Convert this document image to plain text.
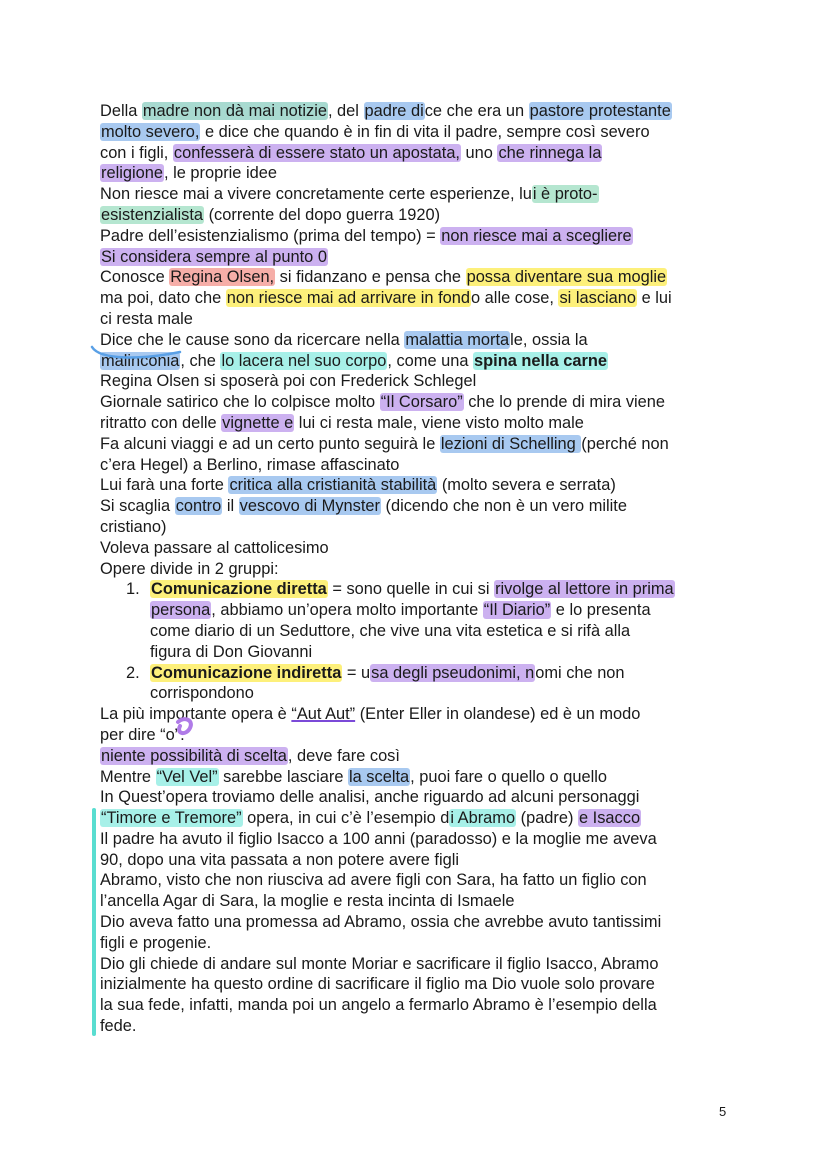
Della madre non dà mai notizie, del padre dice che era un pastore protestante
molto severo, e dice che quando è in fin di vita il padre, sempre così severo
con i figli, confesserà di essere stato un apostata, uno che rinnega la
religione, le proprie idee
Non riesce mai a vivere concretamente certe esperienze, lui è proto-
esistenzialista (corrente del dopo guerra 1920)
Padre dell’esistenzialismo (prima del tempo) = non riesce mai a scegliere
Si considera sempre al punto 0
Conosce Regina Olsen, si fidanzano e pensa che possa diventare sua moglie
ma poi, dato che non riesce mai ad arrivare in fondo alle cose, si lasciano e lui
ci resta male
Dice che le cause sono da ricercare nella malattia mortale, ossia la
malinconia, che lo lacera nel suo corpo, come una spina nella carne
Regina Olsen si sposerà poi con Frederick Schlegel
Giornale satirico che lo colpisce molto “Il Corsaro” che lo prende di mira viene
ritratto con delle vignette e lui ci resta male, viene visto molto male
Fa alcuni viaggi e ad un certo punto seguirà le lezioni di Schelling (perché non
c’era Hegel) a Berlino, rimase affascinato
Lui farà una forte critica alla cristianità stabilità (molto severa e serrata)
Si scaglia contro il vescovo di Mynster (dicendo che non è un vero milite
cristiano)
Voleva passare al cattolicesimo
Opere divide in 2 gruppi:
1. Comunicazione diretta = sono quelle in cui si rivolge al lettore in prima
persona, abbiamo un’opera molto importante “Il Diario” e lo presenta
come diario di un Seduttore, che vive una vita estetica e si rifà alla
figura di Don Giovanni
2. Comunicazione indiretta = usa degli pseudonimi, nomi che non
corrispondono
La più importante opera è “Aut Aut” (Enter Eller in olandese) ed è un modo
per dire “o”.
niente possibilità di scelta, deve fare così
Mentre “Vel Vel” sarebbe lasciare la scelta, puoi fare o quello o quello
In Quest’opera troviamo delle analisi, anche riguardo ad alcuni personaggi
“Timore e Tremore” opera, in cui c’è l’esempio di Abramo (padre) e Isacco
Il padre ha avuto il figlio Isacco a 100 anni (paradosso) e la moglie me aveva
90, dopo una vita passata a non potere avere figli
Abramo, visto che non riusciva ad avere figli con Sara, ha fatto un figlio con
l’ancella Agar di Sara, la moglie e resta incinta di Ismaele
Dio aveva fatto una promessa ad Abramo, ossia che avrebbe avuto tantissimi
figli e progenie.
Dio gli chiede di andare sul monte Moriar e sacrificare il figlio Isacco, Abramo
inizialmente ha questo ordine di sacrificare il figlio ma Dio vuole solo provare
la sua fede, infatti, manda poi un angelo a fermarlo Abramo è l’esempio della
fede.
5
